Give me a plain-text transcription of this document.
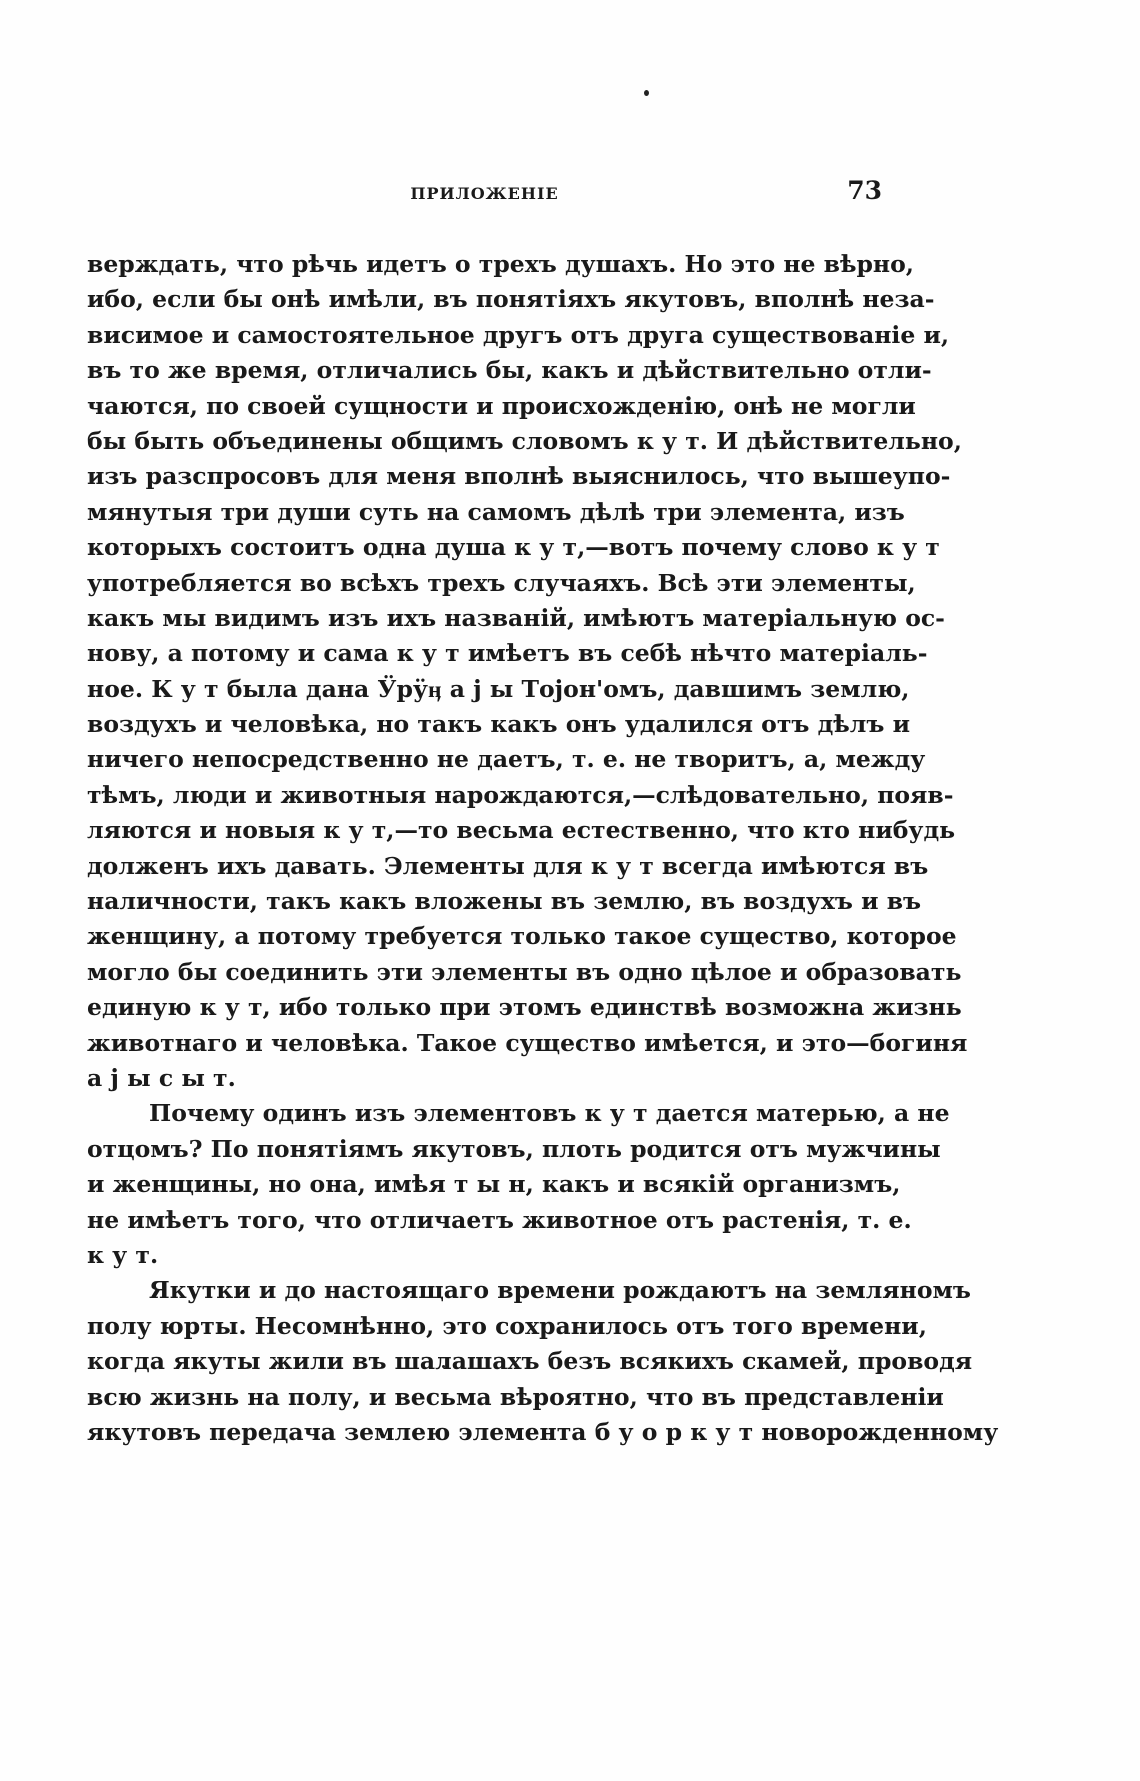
ПРИЛОЖЕНІЕ	73
верждать, что рѣчь идетъ о трехъ душахъ. Но это не вѣрно,
ибо, если бы онѣ имѣли, въ понятіяхъ якутовъ, вполнѣ неза-
висимое и самостоятельное другъ отъ друга существованіе и,
въ то же время, отличались бы, какъ и дѣйствительно отли-
чаются, по своей сущности и происхожденію, онѣ не могли
бы быть объединены общимъ словомъ к у т. И дѣйствительно,
изъ разспросовъ для меня вполнѣ выяснилось, что вышеупо-
мянутыя три души суть на самомъ дѣлѣ три элемента, изъ
которыхъ состоитъ одна душа к у т,—вотъ почему слово к у т
употребляется во всѣхъ трехъ случаяхъ. Всѣ эти элементы,
какъ мы видимъ изъ ихъ названій, имѣютъ матеріальную ос-
нову, а потому и сама к у т имѣетъ въ себѣ нѣчто матеріаль-
ное. К у т была дана Ӱрӱӊ а j ы Тојон'омъ, давшимъ землю,
воздухъ и человѣка, но такъ какъ онъ удалился отъ дѣлъ и
ничего непосредственно не даетъ, т. е. не творитъ, а, между
тѣмъ, люди и животныя нарождаются,—слѣдовательно, появ-
ляются и новыя к у т,—то весьма естественно, что кто нибудь
долженъ ихъ давать. Элементы для к у т всегда имѣются въ
наличности, такъ какъ вложены въ землю, въ воздухъ и въ
женщину, а потому требуется только такое существо, которое
могло бы соединить эти элементы въ одно цѣлое и образовать
единую к у т, ибо только при этомъ единствѣ возможна жизнь
животнаго и человѣка. Такое существо имѣется, и это—богиня
а j ы с ы т.
Почему одинъ изъ элементовъ к у т дается матерью, а не
отцомъ? По понятіямъ якутовъ, плоть родится отъ мужчины
и женщины, но она, имѣя т ы н, какъ и всякій организмъ,
не имѣетъ того, что отличаетъ животное отъ растенія, т. е.
к у т.
Якутки и до настоящаго времени рождаютъ на земляномъ
полу юрты. Несомнѣнно, это сохранилось отъ того времени,
когда якуты жили въ шалашахъ безъ всякихъ скамей, проводя
всю жизнь на полу, и весьма вѣроятно, что въ представленіи
якутовъ передача землею элемента б у о р к у т новорожденному
